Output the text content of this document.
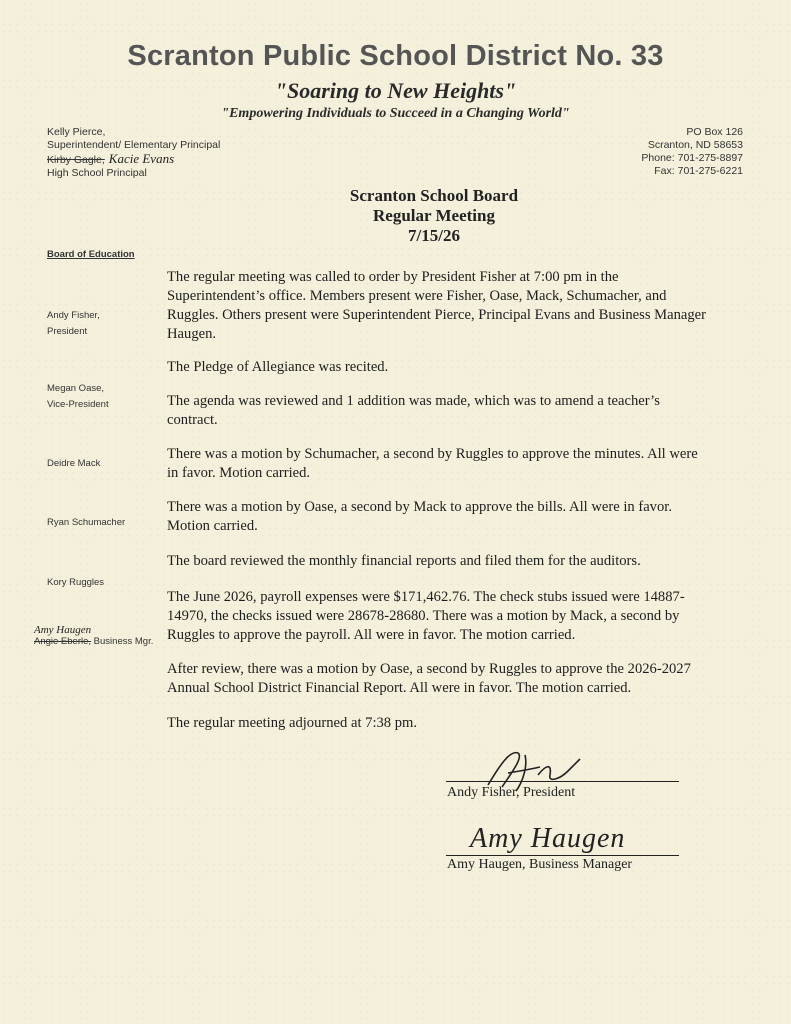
Scranton Public School District No. 33
"Soaring to New Heights"
"Empowering Individuals to Succeed in a Changing World"
Kelly Pierce,
Superintendent/ Elementary Principal
Kirby Gagle, Kacie Evans
High School Principal
PO Box 126
Scranton, ND 58653
Phone: 701-275-8897
Fax: 701-275-6221
Scranton School Board
Regular Meeting
7/15/26
Board of Education
Andy Fisher,
President
Megan Oase,
Vice-President
Deidre Mack
Ryan Schumacher
Kory Ruggles
Amy Haugen
Angie Eberle, Business Mgr.
The regular meeting was called to order by President Fisher at 7:00 pm in the Superintendent’s office. Members present were Fisher, Oase, Mack, Schumacher, and Ruggles. Others present were Superintendent Pierce, Principal Evans and Business Manager Haugen.
The Pledge of Allegiance was recited.
The agenda was reviewed and 1 addition was made, which was to amend a teacher’s contract.
There was a motion by Schumacher, a second by Ruggles to approve the minutes. All were in favor. Motion carried.
There was a motion by Oase, a second by Mack to approve the bills. All were in favor. Motion carried.
The board reviewed the monthly financial reports and filed them for the auditors.
The June 2026, payroll expenses were $171,462.76. The check stubs issued were 14887-14970, the checks issued were 28678-28680. There was a motion by Mack, a second by Ruggles to approve the payroll. All were in favor. The motion carried.
After review, there was a motion by Oase, a second by Ruggles to approve the 2026-2027 Annual School District Financial Report. All were in favor. The motion carried.
The regular meeting adjourned at 7:38 pm.
Andy Fisher, President
Amy Haugen
Amy Haugen, Business Manager
